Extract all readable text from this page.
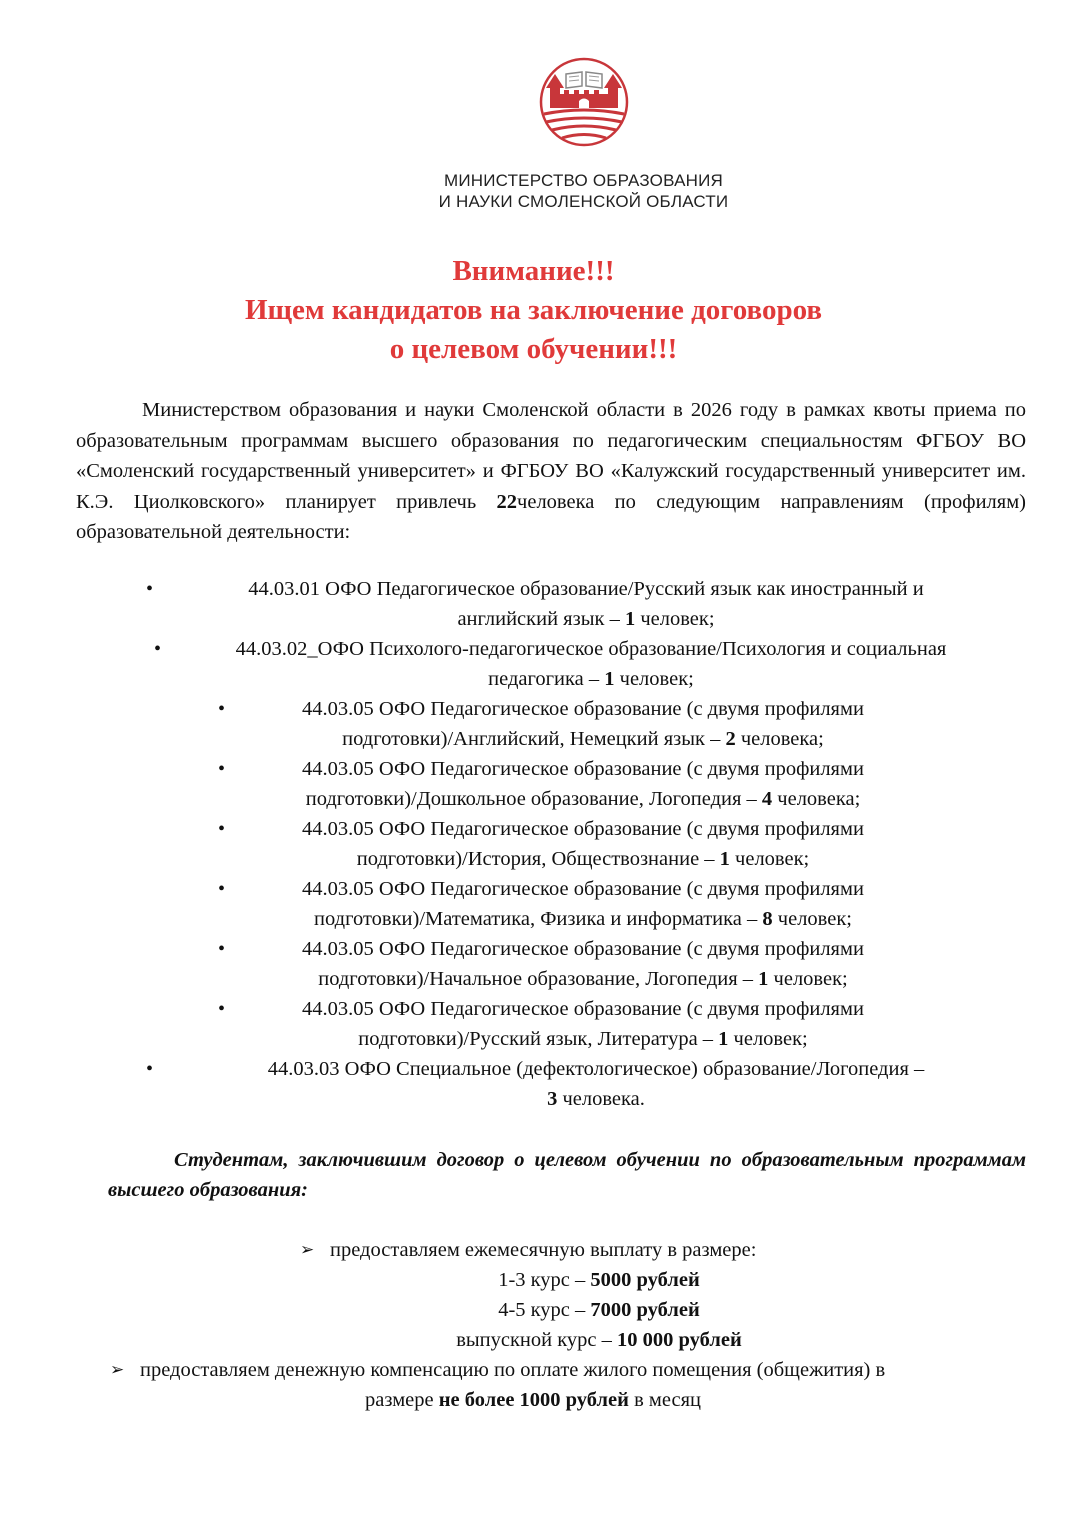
МИНИСТЕРСТВО ОБРАЗОВАНИЯ
И НАУКИ СМОЛЕНСКОЙ ОБЛАСТИ
Внимание!!!
Ищем кандидатов на заключение договоров
о целевом обучении!!!
Министерством образования и науки Смоленской области в 2026 году в рамках квоты приема по образовательным программам высшего образования по педагогическим специальностям ФГБОУ ВО «Смоленский государственный университет» и ФГБОУ ВО «Калужский государственный университет им. К.Э. Циолковского» планирует привлечь 22человека по следующим направлениям (профилям) образовательной деятельности:
•	44.03.01 ОФО Педагогическое образование/Русский язык как иностранный и
английский язык – 1 человек;
•	44.03.02_ОФО Психолого-педагогическое образование/Психология и социальная
педагогика – 1 человек;
•	44.03.05 ОФО Педагогическое образование (с двумя профилями
подготовки)/Английский, Немецкий язык – 2 человека;
•	44.03.05 ОФО Педагогическое образование (с двумя профилями
подготовки)/Дошкольное образование, Логопедия – 4 человека;
•	44.03.05 ОФО Педагогическое образование (с двумя профилями
подготовки)/История, Обществознание – 1 человек;
•	44.03.05 ОФО Педагогическое образование (с двумя профилями
подготовки)/Математика, Физика и информатика – 8 человек;
•	44.03.05 ОФО Педагогическое образование (с двумя профилями
подготовки)/Начальное образование, Логопедия – 1 человек;
•	44.03.05 ОФО Педагогическое образование (с двумя профилями
подготовки)/Русский язык, Литература – 1 человек;
•	44.03.03 ОФО Специальное (дефектологическое) образование/Логопедия –
3 человека.
Студентам, заключившим договор о целевом обучении по образовательным программам высшего образования:
➢ предоставляем ежемесячную выплату в размере:
1-3 курс – 5000 рублей
4-5 курс – 7000 рублей
выпускной курс – 10 000 рублей
➢ предоставляем денежную компенсацию по оплате жилого помещения (общежития) в
размере не более 1000 рублей в месяц
